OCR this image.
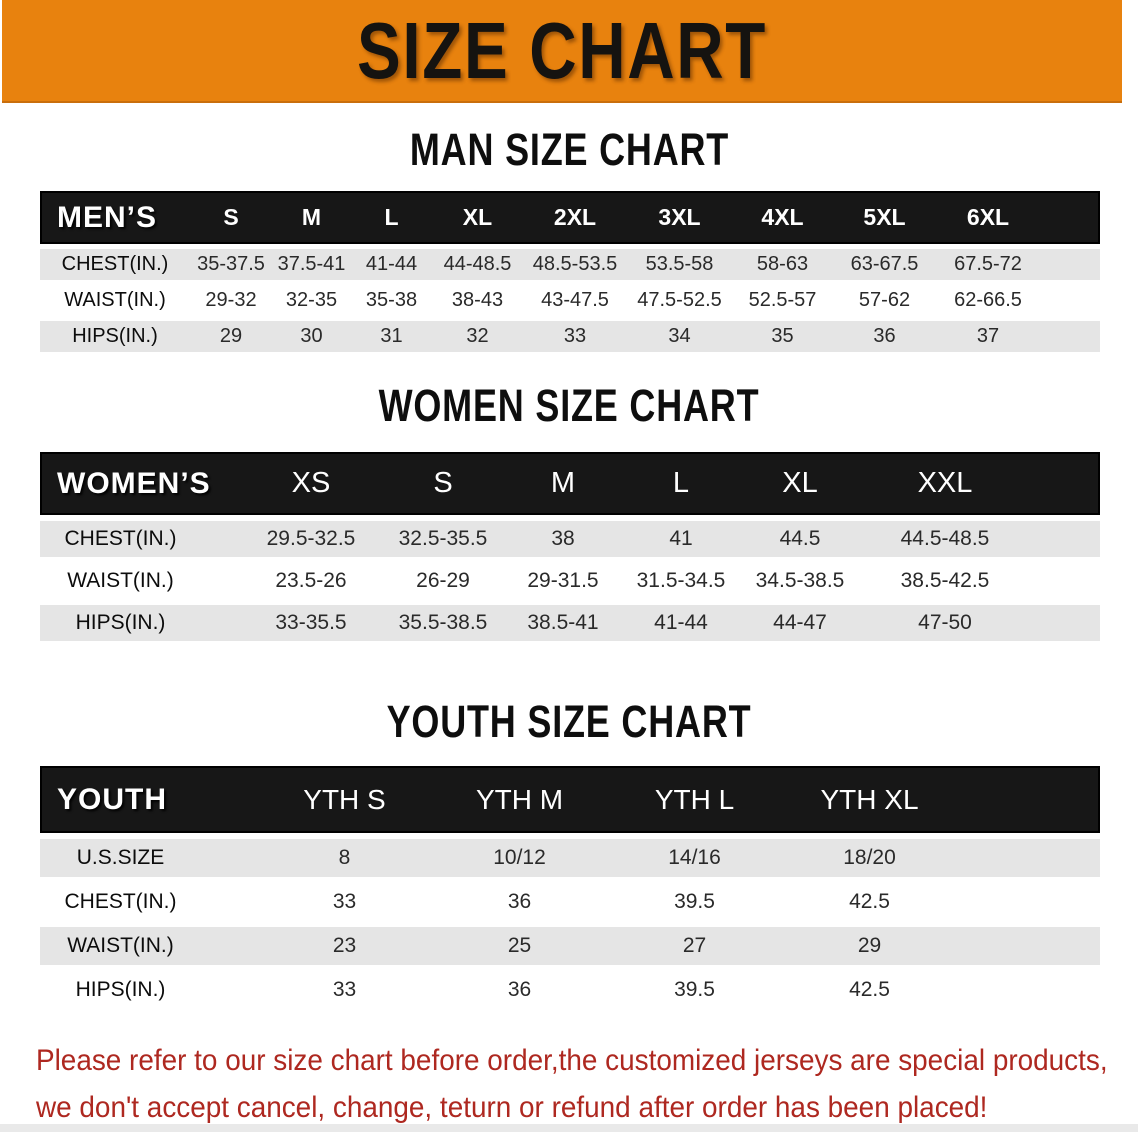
SIZE CHART
MAN SIZE CHART
MEN’S	S	M	L	XL	2XL	3XL	4XL	5XL	6XL	
CHEST(IN.)	35-37.5	37.5-41	41-44	44-48.5	48.5-53.5	53.5-58	58-63	63-67.5	67.5-72	
WAIST(IN.)	29-32	32-35	35-38	38-43	43-47.5	47.5-52.5	52.5-57	57-62	62-66.5	
HIPS(IN.)	29	30	31	32	33	34	35	36	37	
WOMEN SIZE CHART
WOMEN’S	XS	S	M	L	XL	XXL	
CHEST(IN.)	29.5-32.5	32.5-35.5	38	41	44.5	44.5-48.5	
WAIST(IN.)	23.5-26	26-29	29-31.5	31.5-34.5	34.5-38.5	38.5-42.5	
HIPS(IN.)	33-35.5	35.5-38.5	38.5-41	41-44	44-47	47-50	
YOUTH SIZE CHART
YOUTH	YTH S	YTH M	YTH L	YTH XL	
U.S.SIZE	8	10/12	14/16	18/20	
CHEST(IN.)	33	36	39.5	42.5	
WAIST(IN.)	23	25	27	29	
HIPS(IN.)	33	36	39.5	42.5	
Please refer to our size chart before order,the customized jerseys are special products,
we don't accept cancel, change, teturn or refund after order has been placed!
